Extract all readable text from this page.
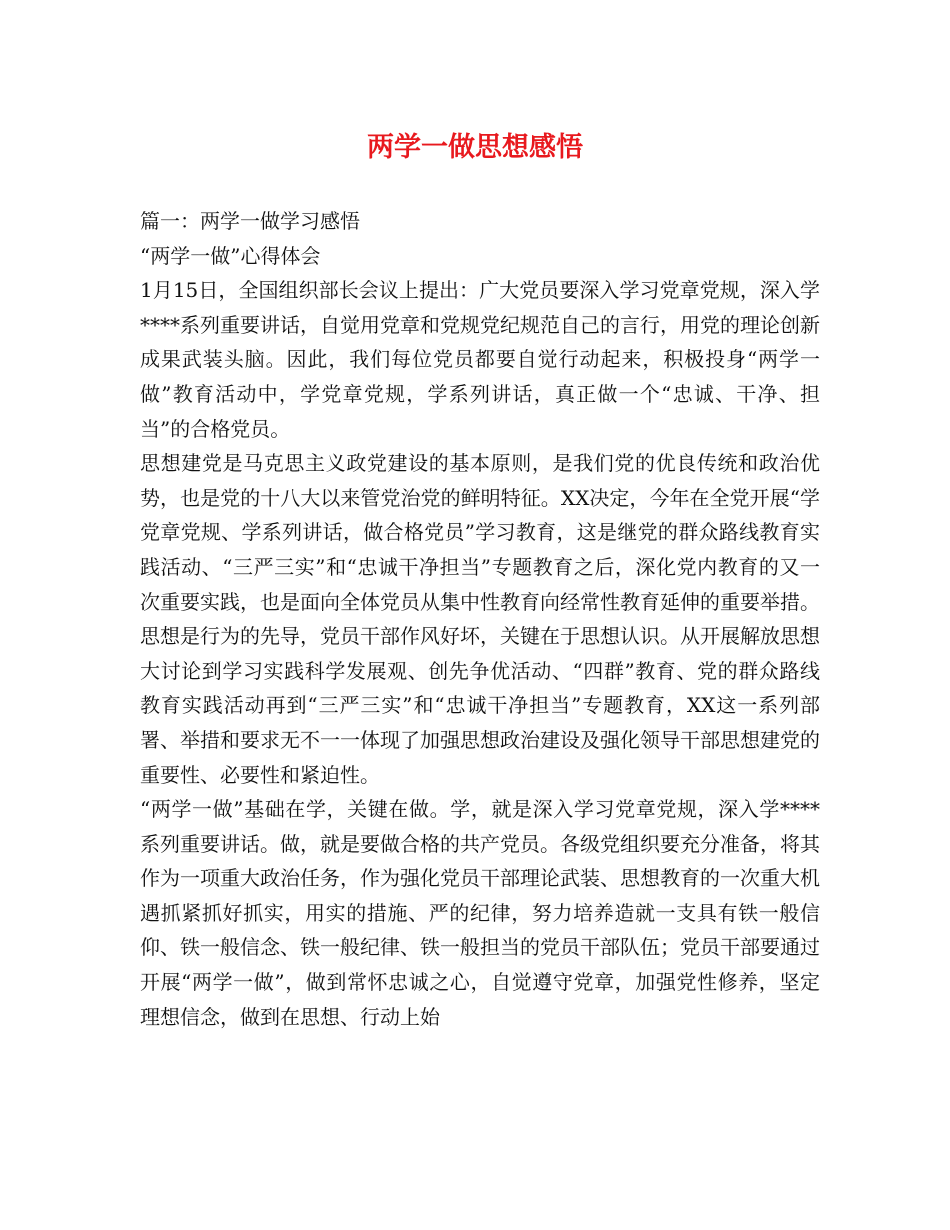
两学一做思想感悟

篇一：两学一做学习感悟

“两学一做”心得体会

1月15日，全国组织部长会议上提出：广大党员要深入学习党章党规，深入学****系列重要讲话，自觉用党章和党规党纪规范自己的言行，用党的理论创新成果武装头脑。因此，我们每位党员都要自觉行动起来，积极投身“两学一做”教育活动中，学党章党规，学系列讲话，真正做一个“忠诚、干净、担当”的合格党员。

思想建党是马克思主义政党建设的基本原则，是我们党的优良传统和政治优势，也是党的十八大以来管党治党的鲜明特征。XX决定，今年在全党开展“学党章党规、学系列讲话，做合格党员”学习教育，这是继党的群众路线教育实践活动、“三严三实”和“忠诚干净担当”专题教育之后，深化党内教育的又一次重要实践，也是面向全体党员从集中性教育向经常性教育延伸的重要举措。

思想是行为的先导，党员干部作风好坏，关键在于思想认识。从开展解放思想大讨论到学习实践科学发展观、创先争优活动、“四群”教育、党的群众路线教育实践活动再到“三严三实”和“忠诚干净担当”专题教育，XX这一系列部署、举措和要求无不一一体现了加强思想政治建设及强化领导干部思想建党的重要性、必要性和紧迫性。

“两学一做”基础在学，关键在做。学，就是深入学习党章党规，深入学****系列重要讲话。做，就是要做合格的共产党员。各级党组织要充分准备，将其作为一项重大政治任务，作为强化党员干部理论武装、思想教育的一次重大机遇抓紧抓好抓实，用实的措施、严的纪律，努力培养造就一支具有铁一般信仰、铁一般信念、铁一般纪律、铁一般担当的党员干部队伍；党员干部要通过开展“两学一做”，做到常怀忠诚之心，自觉遵守党章，加强党性修养，坚定理想信念，做到在思想、行动上始
